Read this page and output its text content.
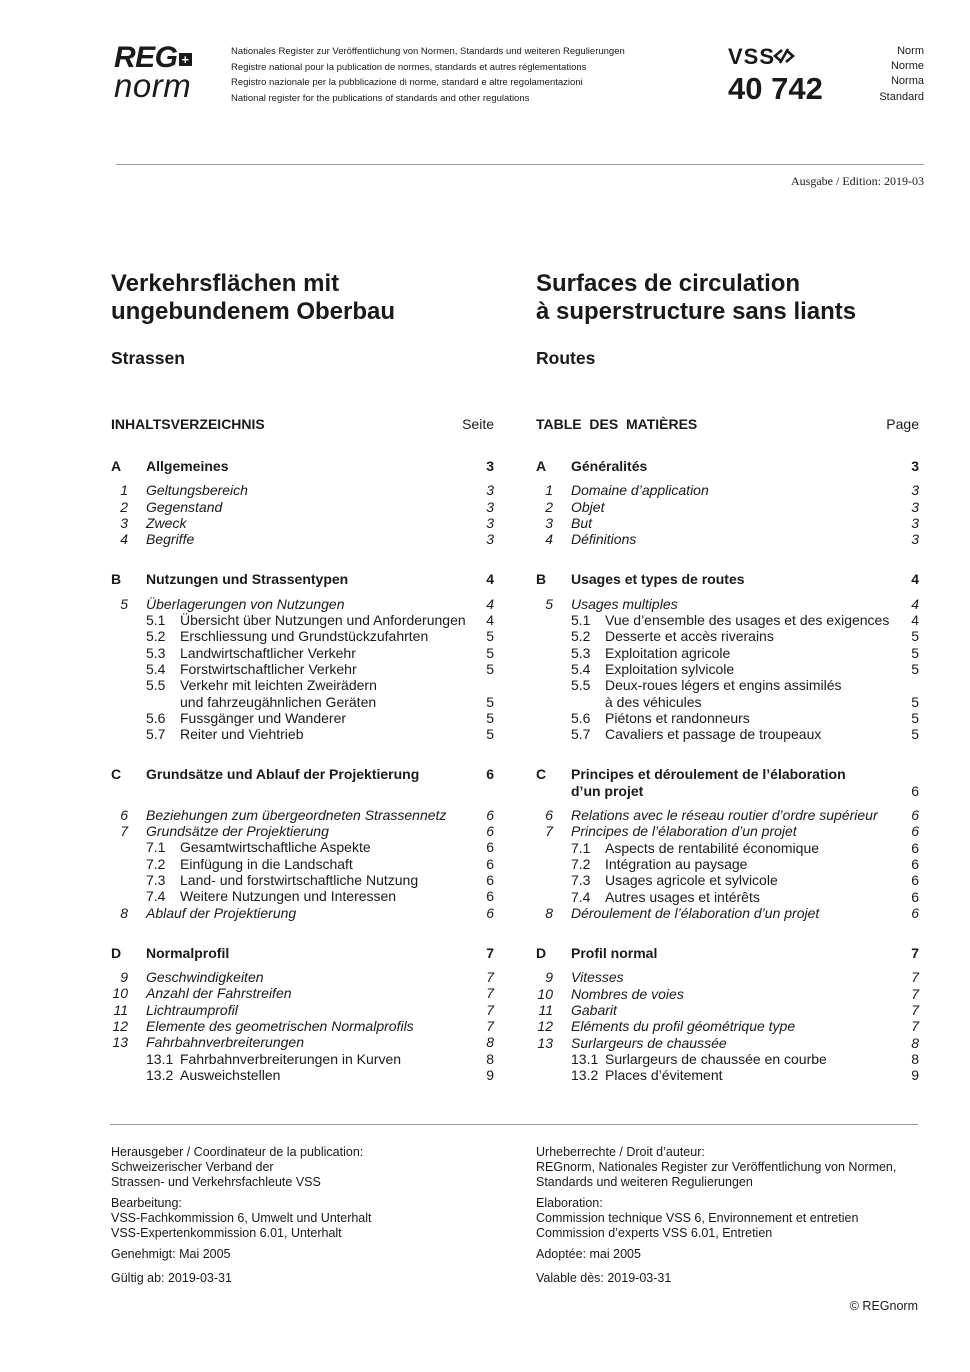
REG +
norm
Nationales Register zur Veröffentlichung von Normen, Standards und weiteren Regulierungen
Registre national pour la publication de normes, standards et autres réglementations
Registro nazionale per la pubblicazione di norme, standard e altre regolamentazioni
National register for the publications of standards and other regulations
VSS
40 742
Norm
Norme
Norma
Standard
Ausgabe / Edition: 2019-03
Verkehrsflächen mit
ungebundenem Oberbau
Strassen
Surfaces de circulation
à superstructure sans liants
Routes
INHALTSVERZEICHNIS	Seite
A Allgemeines	3
1 Geltungsbereich	3
2 Gegenstand	3
3 Zweck	3
4 Begriffe	3
B Nutzungen und Strassentypen	4
5 Überlagerungen von Nutzungen	4
5.1 Übersicht über Nutzungen und Anforderungen 4
5.2 Erschliessung und Grundstückzufahrten	5
5.3 Landwirtschaftlicher Verkehr	5
5.4 Forstwirtschaftlicher Verkehr	5
5.5 Verkehr mit leichten Zweirädern
und fahrzeugähnlichen Geräten	5
5.6 Fussgänger und Wanderer	5
5.7 Reiter und Viehtrieb	5
C Grundsätze und Ablauf der Projektierung	6
6 Beziehungen zum übergeordneten Strassennetz	6
7 Grundsätze der Projektierung	6
7.1 Gesamtwirtschaftliche Aspekte	6
7.2 Einfügung in die Landschaft	6
7.3 Land- und forstwirtschaftliche Nutzung	6
7.4 Weitere Nutzungen und Interessen	6
8 Ablauf der Projektierung	6
D Normalprofil	7
9 Geschwindigkeiten	7
10 Anzahl der Fahrstreifen	7
11 Lichtraumprofil	7
12 Elemente des geometrischen Normalprofils	7
13 Fahrbahnverbreiterungen	8
13.1 Fahrbahnverbreiterungen in Kurven	8
13.2 Ausweichstellen	9
TABLE  DES  MATIÈRES	Page
A Généralités	3
1 Domaine d’application	3
2 Objet	3
3 But	3
4 Définitions	3
B Usages et types de routes	4
5 Usages multiples	4
5.1 Vue d’ensemble des usages et des exigences 4
5.2 Desserte et accès riverains	5
5.3 Exploitation agricole	5
5.4 Exploitation sylvicole	5
5.5 Deux-roues légers et engins assimilés
à des véhicules	5
5.6 Piétons et randonneurs	5
5.7 Cavaliers et passage de troupeaux	5
C Principes et déroulement de l’élaboration
d’un projet	6
6 Relations avec le réseau routier d’ordre supérieur 6
7 Principes de l’élaboration d’un projet	6
7.1 Aspects de rentabilité économique	6
7.2 Intégration au paysage	6
7.3 Usages agricole et sylvicole	6
7.4 Autres usages et intérêts	6
8 Déroulement de l’élaboration d’un projet	6
D Profil normal	7
9 Vitesses	7
10 Nombres de voies	7
11 Gabarit	7
12 Eléments du profil géométrique type	7
13 Surlargeurs de chaussée	8
13.1 Surlargeurs de chaussée en courbe	8
13.2 Places d’évitement	9

Herausgeber / Coordinateur de la publication:
Schweizerischer Verband der
Strassen- und Verkehrsfachleute VSS

Bearbeitung:
VSS-Fachkommission 6, Umwelt und Unterhalt
VSS-Expertenkommission 6.01, Unterhalt

Genehmigt: Mai 2005

Gültig ab: 2019-03-31

Urheberrechte / Droit d’auteur:
REGnorm, Nationales Register zur Veröffentlichung von Normen,
Standards und weiteren Regulierungen

Elaboration:
Commission technique VSS 6, Environnement et entretien
Commission d’experts VSS 6.01, Entretien

Adoptée: mai 2005

Valable dès: 2019-03-31

© REGnorm
